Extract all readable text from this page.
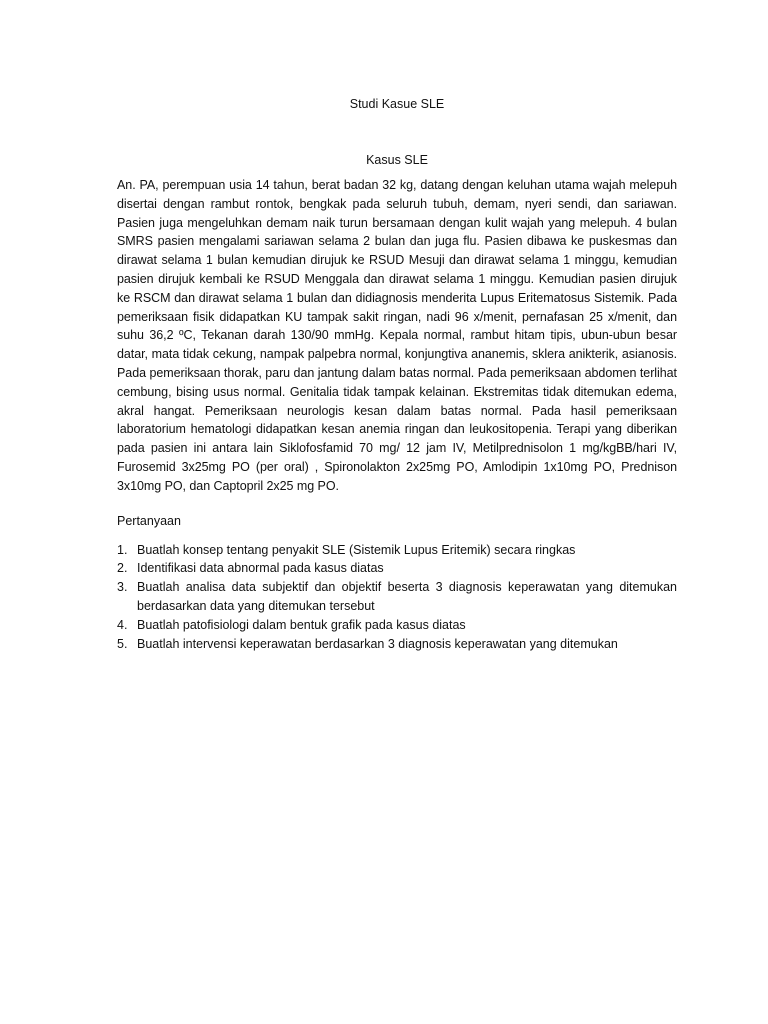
Studi Kasue SLE
Kasus SLE

An. PA, perempuan usia 14 tahun, berat badan 32 kg, datang dengan keluhan utama wajah melepuh disertai dengan rambut rontok, bengkak pada seluruh tubuh, demam, nyeri sendi, dan sariawan. Pasien juga mengeluhkan demam naik turun bersamaan dengan kulit wajah yang melepuh. 4 bulan SMRS pasien mengalami sariawan selama 2 bulan dan juga flu. Pasien dibawa ke puskesmas dan dirawat selama 1 bulan kemudian dirujuk ke RSUD Mesuji dan dirawat selama 1 minggu, kemudian pasien dirujuk kembali ke RSUD Menggala dan dirawat selama 1 minggu. Kemudian pasien dirujuk ke RSCM dan dirawat selama 1 bulan dan didiagnosis menderita Lupus Eritematosus Sistemik. Pada pemeriksaan fisik didapatkan KU tampak sakit ringan, nadi 96 x/menit, pernafasan 25 x/menit, dan suhu 36,2 ºC, Tekanan darah 130/90 mmHg. Kepala normal, rambut hitam tipis, ubun-ubun besar datar, mata tidak cekung, nampak palpebra normal, konjungtiva ananemis, sklera anikterik, asianosis. Pada pemeriksaan thorak, paru dan jantung dalam batas normal. Pada pemeriksaan abdomen terlihat cembung, bising usus normal. Genitalia tidak tampak kelainan. Ekstremitas tidak ditemukan edema, akral hangat. Pemeriksaan neurologis kesan dalam batas normal. Pada hasil pemeriksaan laboratorium hematologi didapatkan kesan anemia ringan dan leukositopenia. Terapi yang diberikan pada pasien ini antara lain Siklofosfamid 70 mg/ 12 jam IV, Metilprednisolon 1 mg/kgBB/hari IV, Furosemid 3x25mg PO (per oral) , Spironolakton 2x25mg PO, Amlodipin 1x10mg PO, Prednison 3x10mg PO, dan Captopril 2x25 mg PO.

Pertanyaan

1. Buatlah konsep tentang penyakit SLE (Sistemik Lupus Eritemik) secara ringkas
2. Identifikasi data abnormal pada kasus diatas
3. Buatlah analisa data subjektif dan objektif beserta 3 diagnosis keperawatan yang ditemukan berdasarkan data yang ditemukan tersebut
4. Buatlah patofisiologi dalam bentuk grafik pada kasus diatas
5. Buatlah intervensi keperawatan berdasarkan 3 diagnosis keperawatan yang ditemukan
